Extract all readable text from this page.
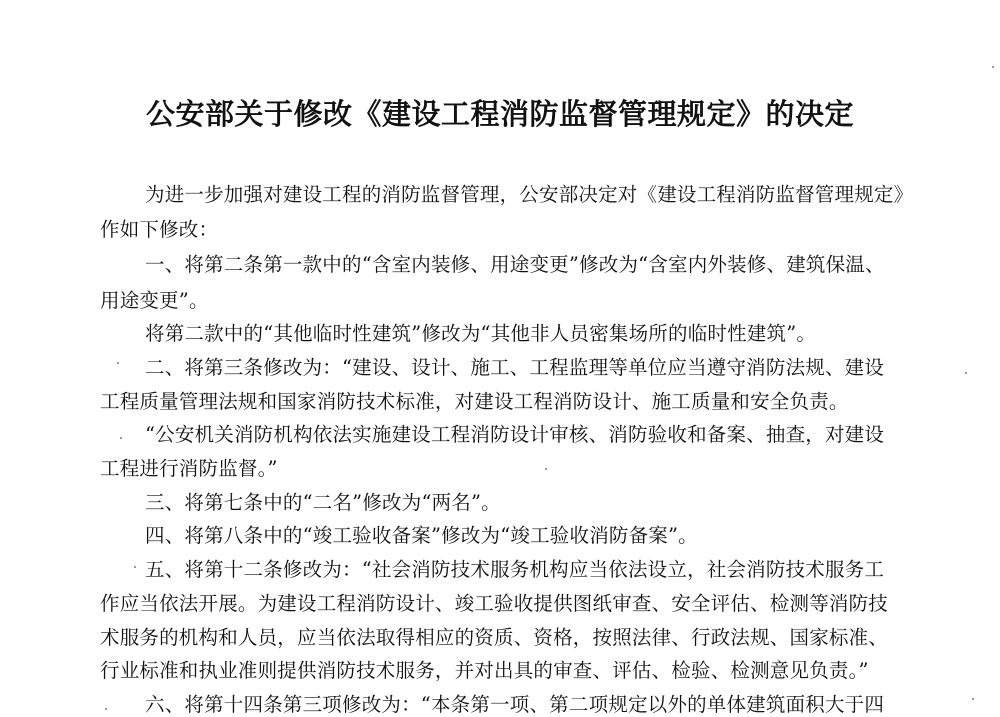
公安部关于修改《建设工程消防监督管理规定》的决定
为进一步加强对建设工程的消防监督管理，公安部决定对《建设工程消防监督管理规定》
作如下修改：
一、将第二条第一款中的“含室内装修、用途变更”修改为“含室内外装修、建筑保温、
用途变更”。
将第二款中的“其他临时性建筑”修改为“其他非人员密集场所的临时性建筑”。
二、将第三条修改为：“建设、设计、施工、工程监理等单位应当遵守消防法规、建设
工程质量管理法规和国家消防技术标准，对建设工程消防设计、施工质量和安全负责。
“公安机关消防机构依法实施建设工程消防设计审核、消防验收和备案、抽查，对建设
工程进行消防监督。”
三、将第七条中的“二名”修改为“两名”。
四、将第八条中的“竣工验收备案”修改为“竣工验收消防备案”。
五、将第十二条修改为：“社会消防技术服务机构应当依法设立，社会消防技术服务工
作应当依法开展。为建设工程消防设计、竣工验收提供图纸审查、安全评估、检测等消防技
术服务的机构和人员，应当依法取得相应的资质、资格，按照法律、行政法规、国家标准、
行业标准和执业准则提供消防技术服务，并对出具的审查、评估、检验、检测意见负责。”
六、将第十四条第三项修改为：“本条第一项、第二项规定以外的单体建筑面积大于四
